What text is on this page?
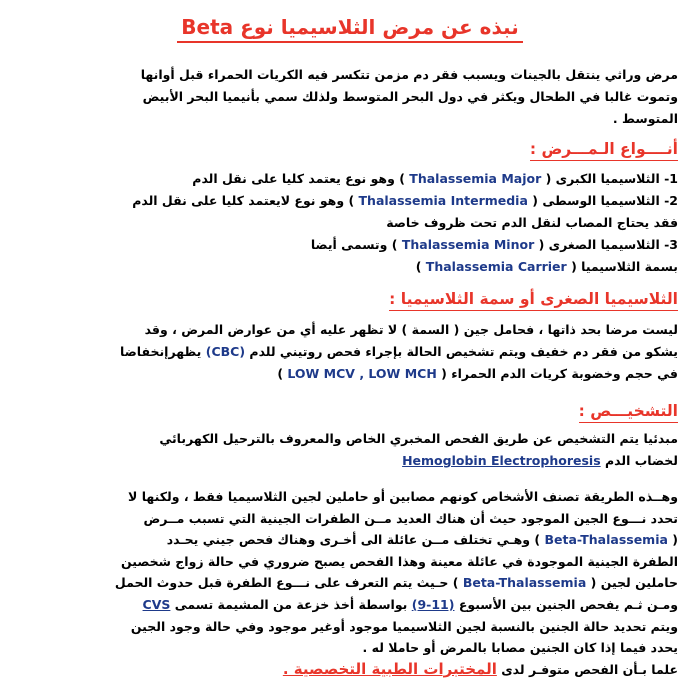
نبذه عن مرض الثلاسيميا نوع Beta

مرض وراثي ينتقل بالجينات ويسبب فقر دم مزمن تتكسر فيه الكريات الحمراء قبل أوانها
وتموت غالبا في الطحال ويكثر في دول البحر المتوسط ولذلك سمي بأنيميا البحر الأبيض
المتوسط .

أنــــواع الـمـــرض :

1- الثلاسيميا الكبرى ( Thalassemia Major ) وهو نوع يعتمد كليا على نقل الدم
2- الثلاسيميا الوسطى ( Thalassemia Intermedia ) وهو نوع لايعتمد كليا على نقل الدم
فقد يحتاج المصاب لنقل الدم تحت ظروف خاصة
3- الثلاسيميا الصغرى ( Thalassemia Minor ) وتسمى أيضا
بسمة الثلاسيميا ( Thalassemia Carrier )

الثلاسيميا الصغرى أو سمة الثلاسيميا :

ليست مرضا بحد ذاتها ، فحامل جين ( السمة ) لا تظهر عليه أي من عوارض المرض ، وقد
يشكو من فقر دم خفيف ويتم تشخيص الحالة بإجراء فحص روتيني للدم (CBC) يظهرإنخفاضا
في حجم وخضوبة كريات الدم الحمراء ( LOW MCV , LOW MCH )

التشخيـــص :

مبدئيا يتم التشخيص عن طريق الفحص المخبري الخاص والمعروف بالترحيل الكهربائي
لخضاب الدم Hemoglobin Electrophoresis

وهــذه الطريقة تصنف الأشخاص كونهم مصابين أو حاملين لجين الثلاسيميا فقط ، ولكنها لا
تحدد نـــوع الجين الموجود حيث أن هناك العديد مــن الطفرات الجينية التي تسبب مــرض
( Beta-Thalassemia ) وهـي تختلف مــن عائلة الى أخـرى وهناك فحص جيني يحـدد
الطفرة الجينية الموجودة في عائلة معينة وهذا الفحص يصبح ضروري في حالة زواج شخصين
حاملين لجين ( Beta-Thalassemia ) حـيث يتم التعرف على نـــوع الطفرة قبل حدوث الحمل
ومـن ثـم يفحص الجنين بين الأسبوع (9-11) بواسطة أخذ خزعة من المشيمة تسمى CVS
ويتم تحديد حالة الجنين بالنسبة لجين الثلاسيميا موجود أوغير موجود وفي حالة وجود الجين
يحدد فيما إذا كان الجنين مصابا بالمرض أو حاملا له .
علما بـأن الفحص متوفـر لدى المختبرات الطبية التخصصية .
